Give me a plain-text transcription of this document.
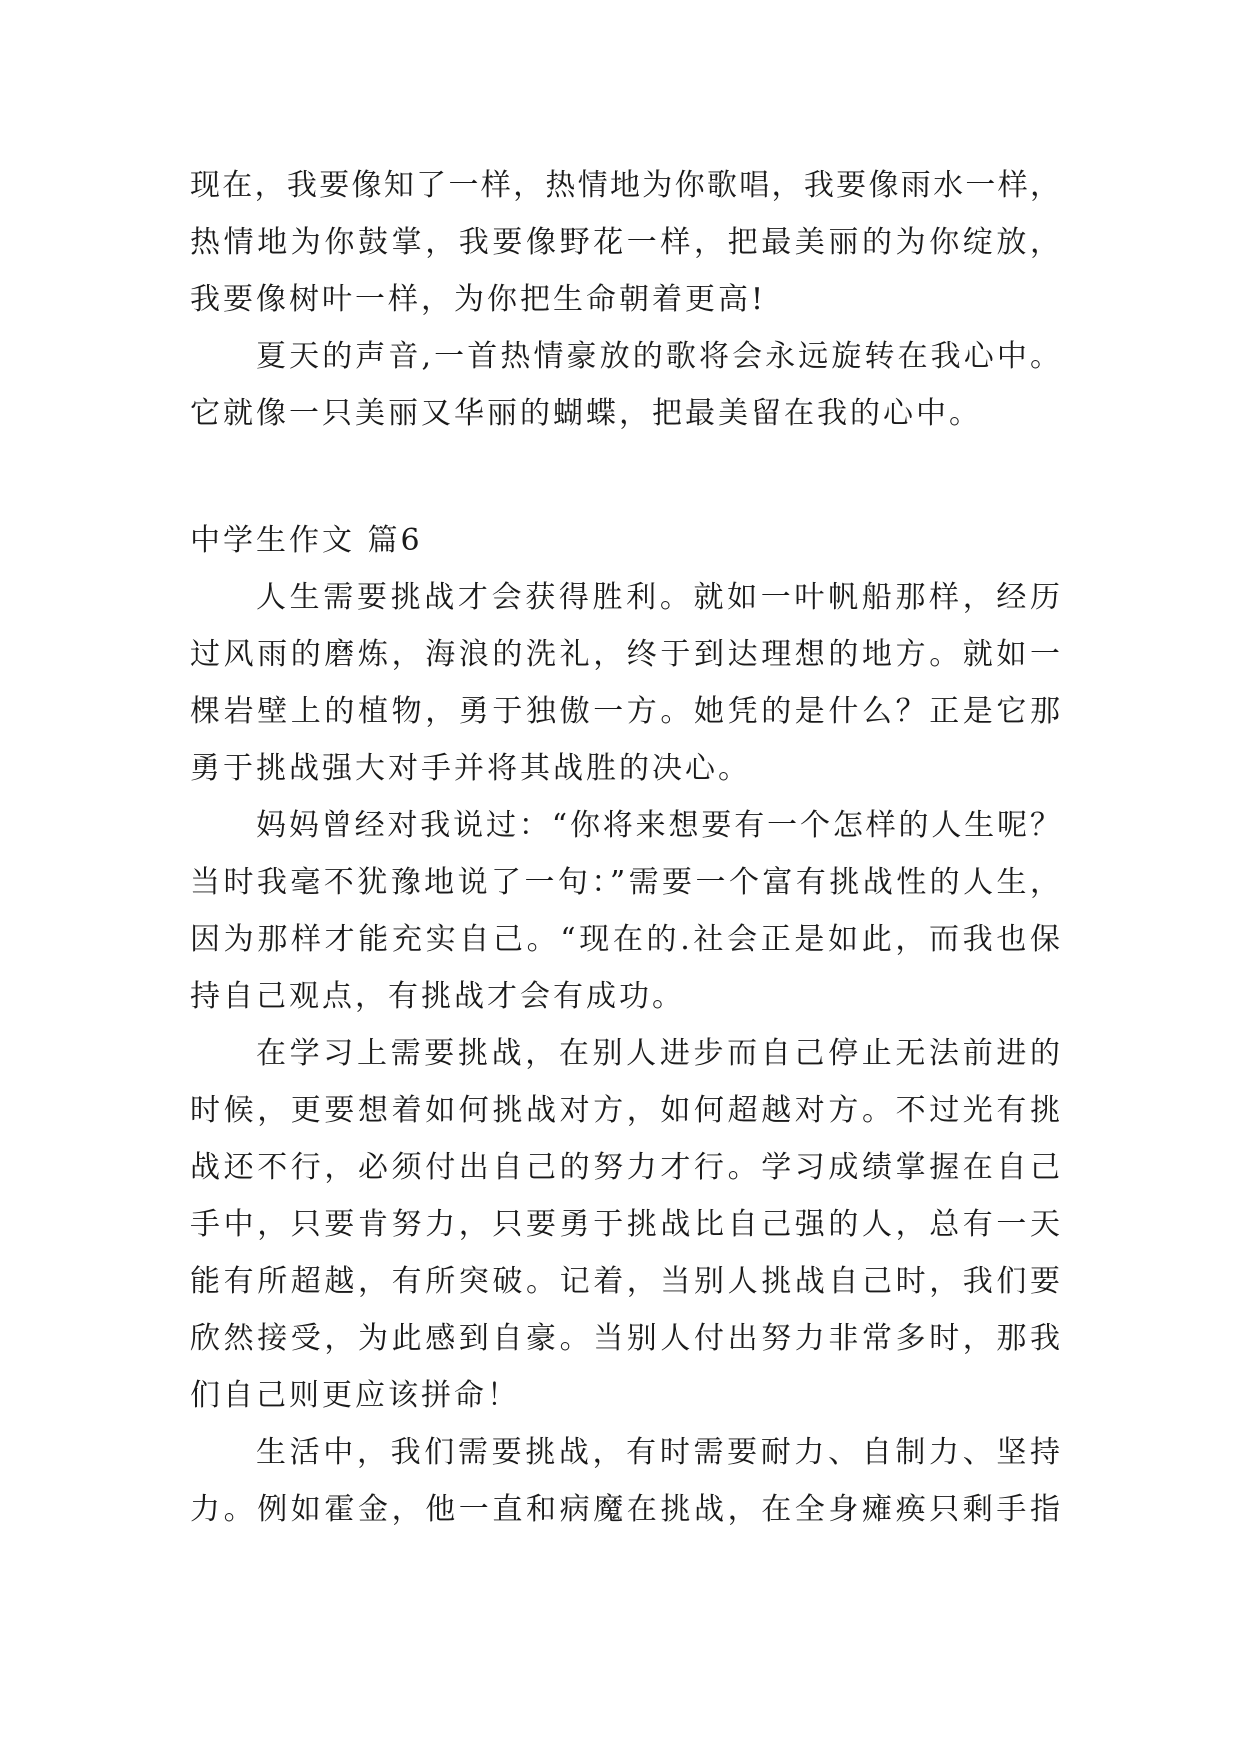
现在，我要像知了一样，热情地为你歌唱，我要像雨水一样，
热情地为你鼓掌，我要像野花一样，把最美丽的为你绽放，
我要像树叶一样，为你把生命朝着更高!
夏天的声音,一首热情豪放的歌将会永远旋转在我心中。
它就像一只美丽又华丽的蝴蝶，把最美留在我的心中。
中学生作文 篇6
人生需要挑战才会获得胜利。就如一叶帆船那样，经历
过风雨的磨炼，海浪的洗礼，终于到达理想的地方。就如一
棵岩壁上的植物，勇于独傲一方。她凭的是什么？正是它那
勇于挑战强大对手并将其战胜的决心。
妈妈曾经对我说过：“你将来想要有一个怎样的人生呢？
当时我毫不犹豫地说了一句：”需要一个富有挑战性的人生，
因为那样才能充实自己。“现在的.社会正是如此，而我也保
持自己观点，有挑战才会有成功。
在学习上需要挑战，在别人进步而自己停止无法前进的
时候，更要想着如何挑战对方，如何超越对方。不过光有挑
战还不行，必须付出自己的努力才行。学习成绩掌握在自己
手中，只要肯努力，只要勇于挑战比自己强的人，总有一天
能有所超越，有所突破。记着，当别人挑战自己时，我们要
欣然接受，为此感到自豪。当别人付出努力非常多时，那我
们自己则更应该拼命！
生活中，我们需要挑战，有时需要耐力、自制力、坚持
力。例如霍金，他一直和病魔在挑战，在全身瘫痪只剩手指
